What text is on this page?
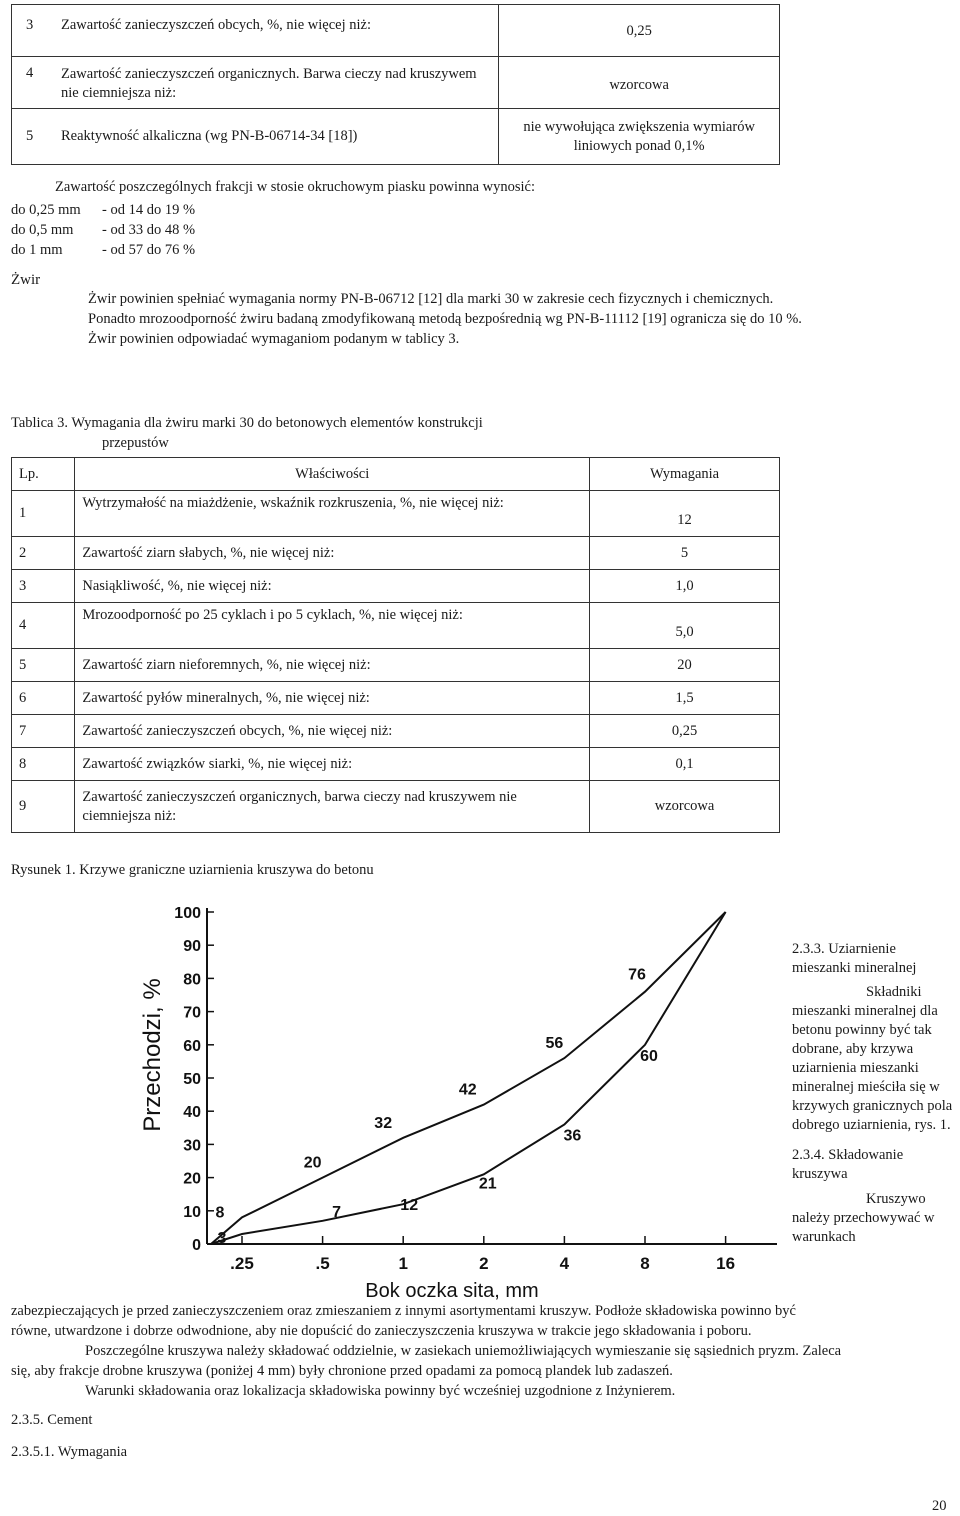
3 Zawartość zanieczyszczeń obcych, %, nie więcej niż:	0,25

4 Zawartość zanieczyszczeń organicznych. Barwa cieczy nad kruszywem nie ciemniejsza niż:	wzorcowa

5 Reaktywność alkaliczna (wg PN-B-06714-34 [18])	nie wywołująca zwiększenia wymiarów liniowych ponad 0,1%
Zawartość poszczególnych frakcji w stosie okruchowym piasku powinna wynosić:
do 0,25 mm	- od 14 do 19 %
do 0,5 mm	- od 33 do 48 %
do 1 mm	- od 57 do 76 %
Żwir

Żwir powinien spełniać wymagania normy PN-B-06712 [12] dla marki 30 w zakresie cech fizycznych i chemicznych.

Ponadto mrozoodporność żwiru badaną zmodyfikowaną metodą bezpośrednią wg PN-B-11112 [19] ogranicza się do 10 %.

Żwir powinien odpowiadać wymaganiom podanym w tablicy 3.

Tablica 3. Wymagania dla żwiru marki 30 do betonowych elementów konstrukcji
przepustów
Lp.	Właściwości	Wymagania
1	Wytrzymałość na miażdżenie, wskaźnik rozkruszenia, %, nie więcej niż:	12
2	Zawartość ziarn słabych, %, nie więcej niż:	5
3	Nasiąkliwość, %, nie więcej niż:	1,0
4	Mrozoodporność po 25 cyklach i po 5 cyklach, %, nie więcej niż:	5,0
5	Zawartość ziarn nieforemnych, %, nie więcej niż:	20
6	Zawartość pyłów mineralnych, %, nie więcej niż:	1,5
7	Zawartość zanieczyszczeń obcych, %, nie więcej niż:	0,25
8	Zawartość związków siarki, %, nie więcej niż:	0,1
9	Zawartość zanieczyszczeń organicznych, barwa cieczy nad kruszywem nie ciemniejsza niż:	wzorcowa
Rysunek 1. Krzywe graniczne uziarnienia kruszywa do betonu
0
10
20
30
40
50
60
70
80
90
100
.25	.5	1	2	4	8	16
8
20
32
42
56
76
3
7	12
21
36
60
Przechodzi, %
Bok oczka sita, mm
2.3.3. Uziarnienie mieszanki mineralnej
Składniki mieszanki mineralnej dla betonu powinny być tak dobrane, aby krzywa uziarnienia mieszanki mineralnej mieściła się w krzywych granicznych pola dobrego uziarnienia, rys. 1.
2.3.4. Składowanie kruszywa
Kruszywo należy przechowywać w warunkach

zabezpieczających je przed zanieczyszczeniem oraz zmieszaniem z innymi asortymentami kruszyw. Podłoże składowiska powinno być

równe, utwardzone i dobrze odwodnione, aby nie dopuścić do zanieczyszczenia kruszywa w trakcie jego składowania i poboru.

Poszczególne kruszywa należy składować oddzielnie, w zasiekach uniemożliwiających wymieszanie się sąsiednich pryzm. Zaleca

się, aby frakcje drobne kruszywa (poniżej 4 mm) były chronione przed opadami za pomocą plandek lub zadaszeń.

Warunki składowania oraz lokalizacja składowiska powinny być wcześniej uzgodnione z Inżynierem.

2.3.5. Cement
2.3.5.1. Wymagania
20
